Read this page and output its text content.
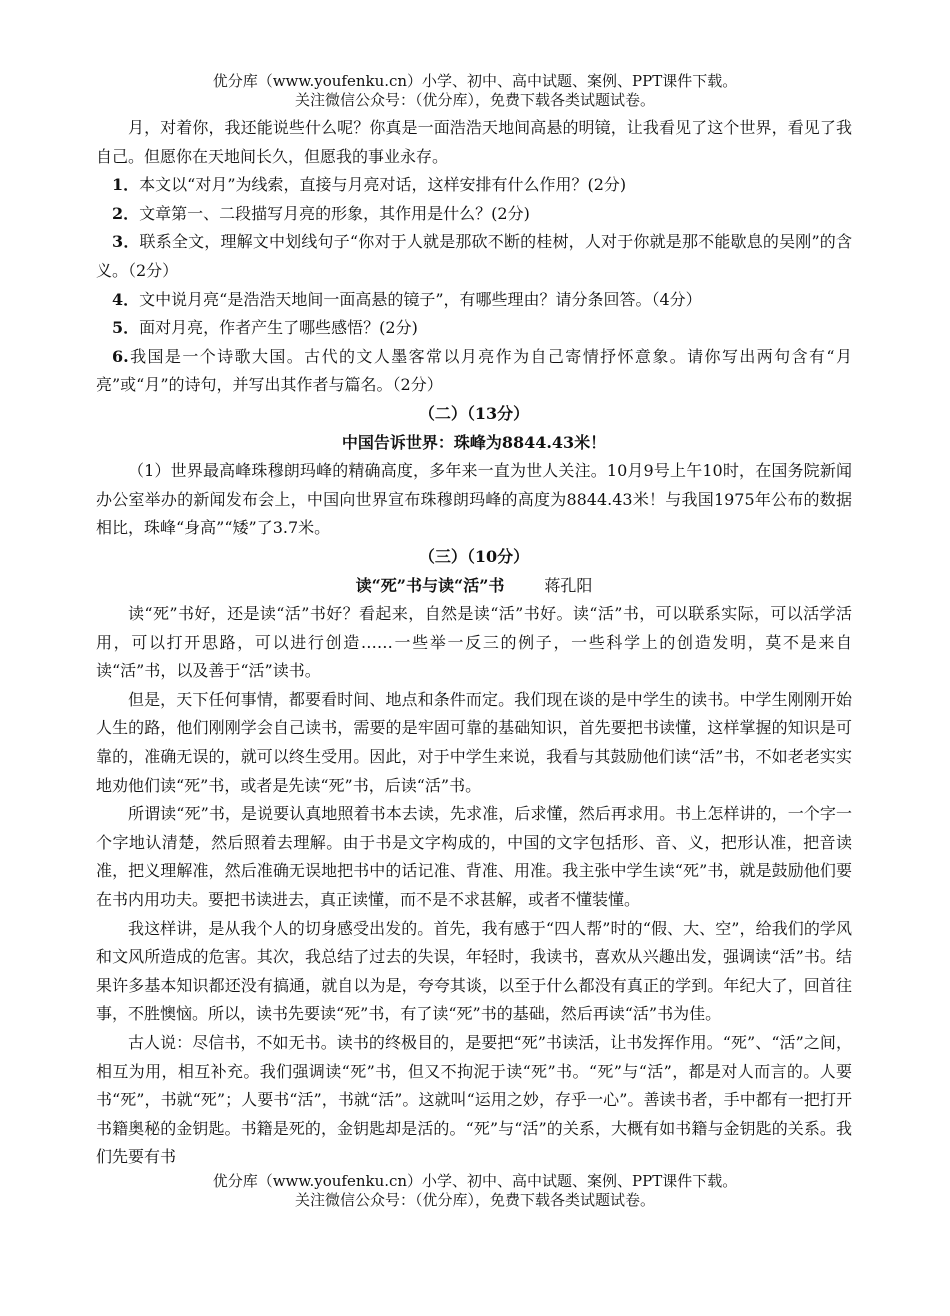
优分库（www.youfenku.cn）小学、初中、高中试题、案例、PPT课件下载。
关注微信公众号：（优分库），免费下载各类试题试卷。

月，对着你，我还能说些什么呢？你真是一面浩浩天地间高悬的明镜，让我看见了这个世界，看见了我自己。但愿你在天地间长久，但愿我的事业永存。

1．本文以“对月”为线索，直接与月亮对话，这样安排有什么作用？(2分)

2．文章第一、二段描写月亮的形象，其作用是什么？(2分)

3．联系全文，理解文中划线句子“你对于人就是那砍不断的桂树，人对于你就是那不能歇息的吴刚”的含义。（2分）

4．文中说月亮“是浩浩天地间一面高悬的镜子”，有哪些理由？请分条回答。（4分）

5．面对月亮，作者产生了哪些感悟？(2分)

6.我国是一个诗歌大国。古代的文人墨客常以月亮作为自己寄情抒怀意象。请你写出两句含有“月亮”或“月”的诗句，并写出其作者与篇名。（2分）

（二）（13分）
中国告诉世界：珠峰为8844.43米！

（1）世界最高峰珠穆朗玛峰的精确高度，多年来一直为世人关注。10月9号上午10时，在国务院新闻办公室举办的新闻发布会上，中国向世界宣布珠穆朗玛峰的高度为8844.43米！与我国1975年公布的数据相比，珠峰“身高”“矮”了3.7米。

（三）（10分）
读“死”书与读“活”书	蒋孔阳

读“死”书好，还是读“活”书好？看起来，自然是读“活”书好。读“活”书，可以联系实际，可以活学活用，可以打开思路，可以进行创造……一些举一反三的例子，一些科学上的创造发明，莫不是来自读“活”书，以及善于“活”读书。

但是，天下任何事情，都要看时间、地点和条件而定。我们现在谈的是中学生的读书。中学生刚刚开始人生的路，他们刚刚学会自己读书，需要的是牢固可靠的基础知识，首先要把书读懂，这样掌握的知识是可靠的，准确无误的，就可以终生受用。因此，对于中学生来说，我看与其鼓励他们读“活”书，不如老老实实地劝他们读“死”书，或者是先读“死”书，后读“活”书。

所谓读“死”书，是说要认真地照着书本去读，先求准，后求懂，然后再求用。书上怎样讲的，一个字一个字地认清楚，然后照着去理解。由于书是文字构成的，中国的文字包括形、音、义，把形认准，把音读准，把义理解准，然后准确无误地把书中的话记准、背准、用准。我主张中学生读“死”书，就是鼓励他们要在书内用功夫。要把书读进去，真正读懂，而不是不求甚解，或者不懂装懂。

我这样讲，是从我个人的切身感受出发的。首先，我有感于“四人帮”时的“假、大、空”，给我们的学风和文风所造成的危害。其次，我总结了过去的失误，年轻时，我读书，喜欢从兴趣出发，强调读“活”书。结果许多基本知识都还没有搞通，就自以为是，夸夸其谈，以至于什么都没有真正的学到。年纪大了，回首往事，不胜懊恼。所以，读书先要读“死”书，有了读“死”书的基础，然后再读“活”书为佳。

古人说：尽信书，不如无书。读书的终极目的，是要把“死”书读活，让书发挥作用。“死”、“活”之间，相互为用，相互补充。我们强调读“死”书，但又不拘泥于读“死”书。“死”与“活”，都是对人而言的。人要书“死”，书就“死”；人要书“活”，书就“活”。这就叫“运用之妙，存乎一心”。善读书者，手中都有一把打开书籍奥秘的金钥匙。书籍是死的，金钥匙却是活的。“死”与“活”的关系，大概有如书籍与金钥匙的关系。我们先要有书

优分库（www.youfenku.cn）小学、初中、高中试题、案例、PPT课件下载。
关注微信公众号：（优分库），免费下载各类试题试卷。
